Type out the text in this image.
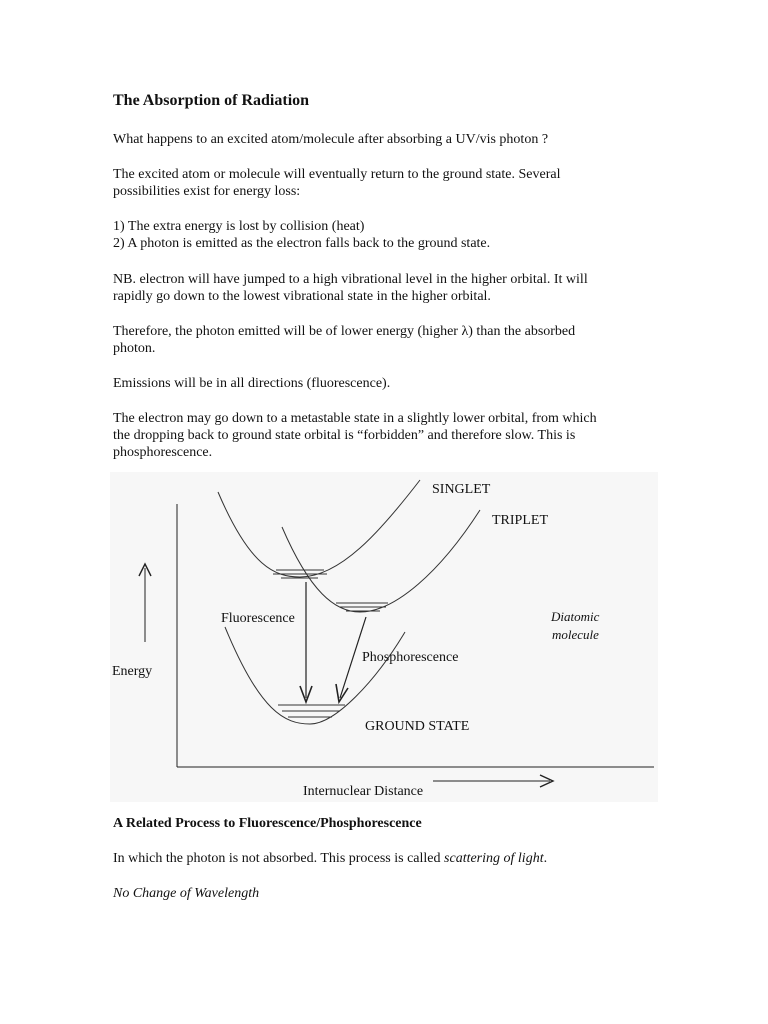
The Absorption of Radiation
What happens to an excited atom/molecule after absorbing a UV/vis photon ?
The excited atom or molecule will eventually return to the ground state. Several
possibilities exist for energy loss:
1) The extra energy is lost by collision (heat)
2) A photon is emitted as the electron falls back to the ground state.
NB. electron will have jumped to a high vibrational level in the higher orbital. It will
rapidly go down to the lowest vibrational state in the higher orbital.
Therefore, the photon emitted will be of lower energy (higher λ) than the absorbed
photon.
Emissions will be in all directions (fluorescence).
The electron may go down to a metastable state in a slightly lower orbital, from which
the dropping back to ground state orbital is “forbidden” and therefore slow. This is
phosphorescence.
SINGLET
TRIPLET
Fluorescence
Phosphorescence
GROUND STATE
Diatomic
molecule
Energy
Internuclear Distance
A Related Process to Fluorescence/Phosphorescence
In which the photon is not absorbed. This process is called scattering of light.
No Change of Wavelength
